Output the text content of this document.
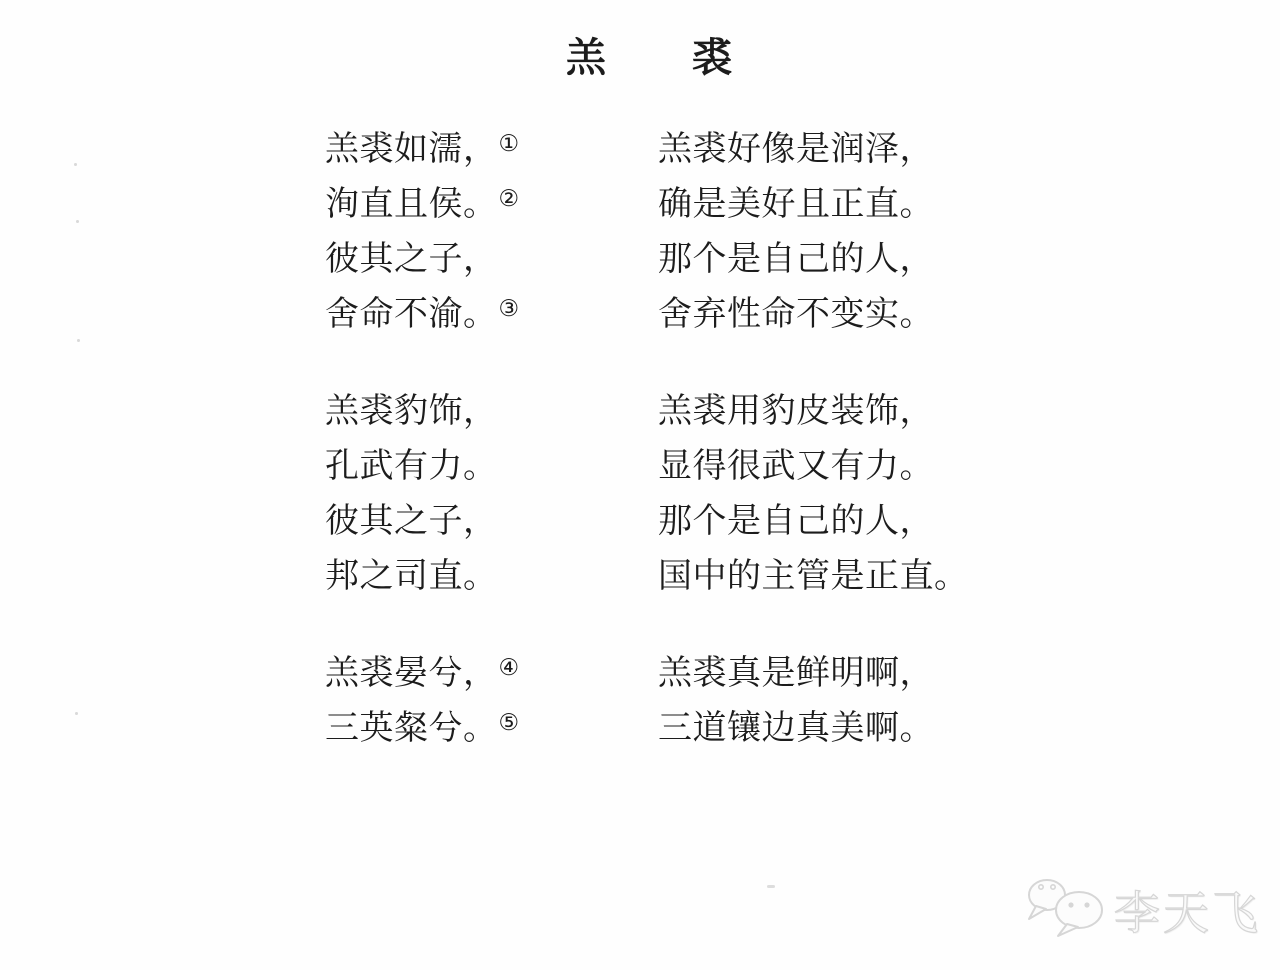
羔　　裘
羔裘如濡，①	羔裘好像是润泽，
洵直且侯。②	确是美好且正直。
彼其之子，	那个是自己的人，
舍命不渝。③	舍弃性命不变实。
羔裘豹饰，	羔裘用豹皮装饰，
孔武有力。	显得很武又有力。
彼其之子，	那个是自己的人，
邦之司直。	国中的主管是正直。
羔裘晏兮，④	羔裘真是鲜明啊，
三英粲兮。⑤	三道镶边真美啊。
李天飞
